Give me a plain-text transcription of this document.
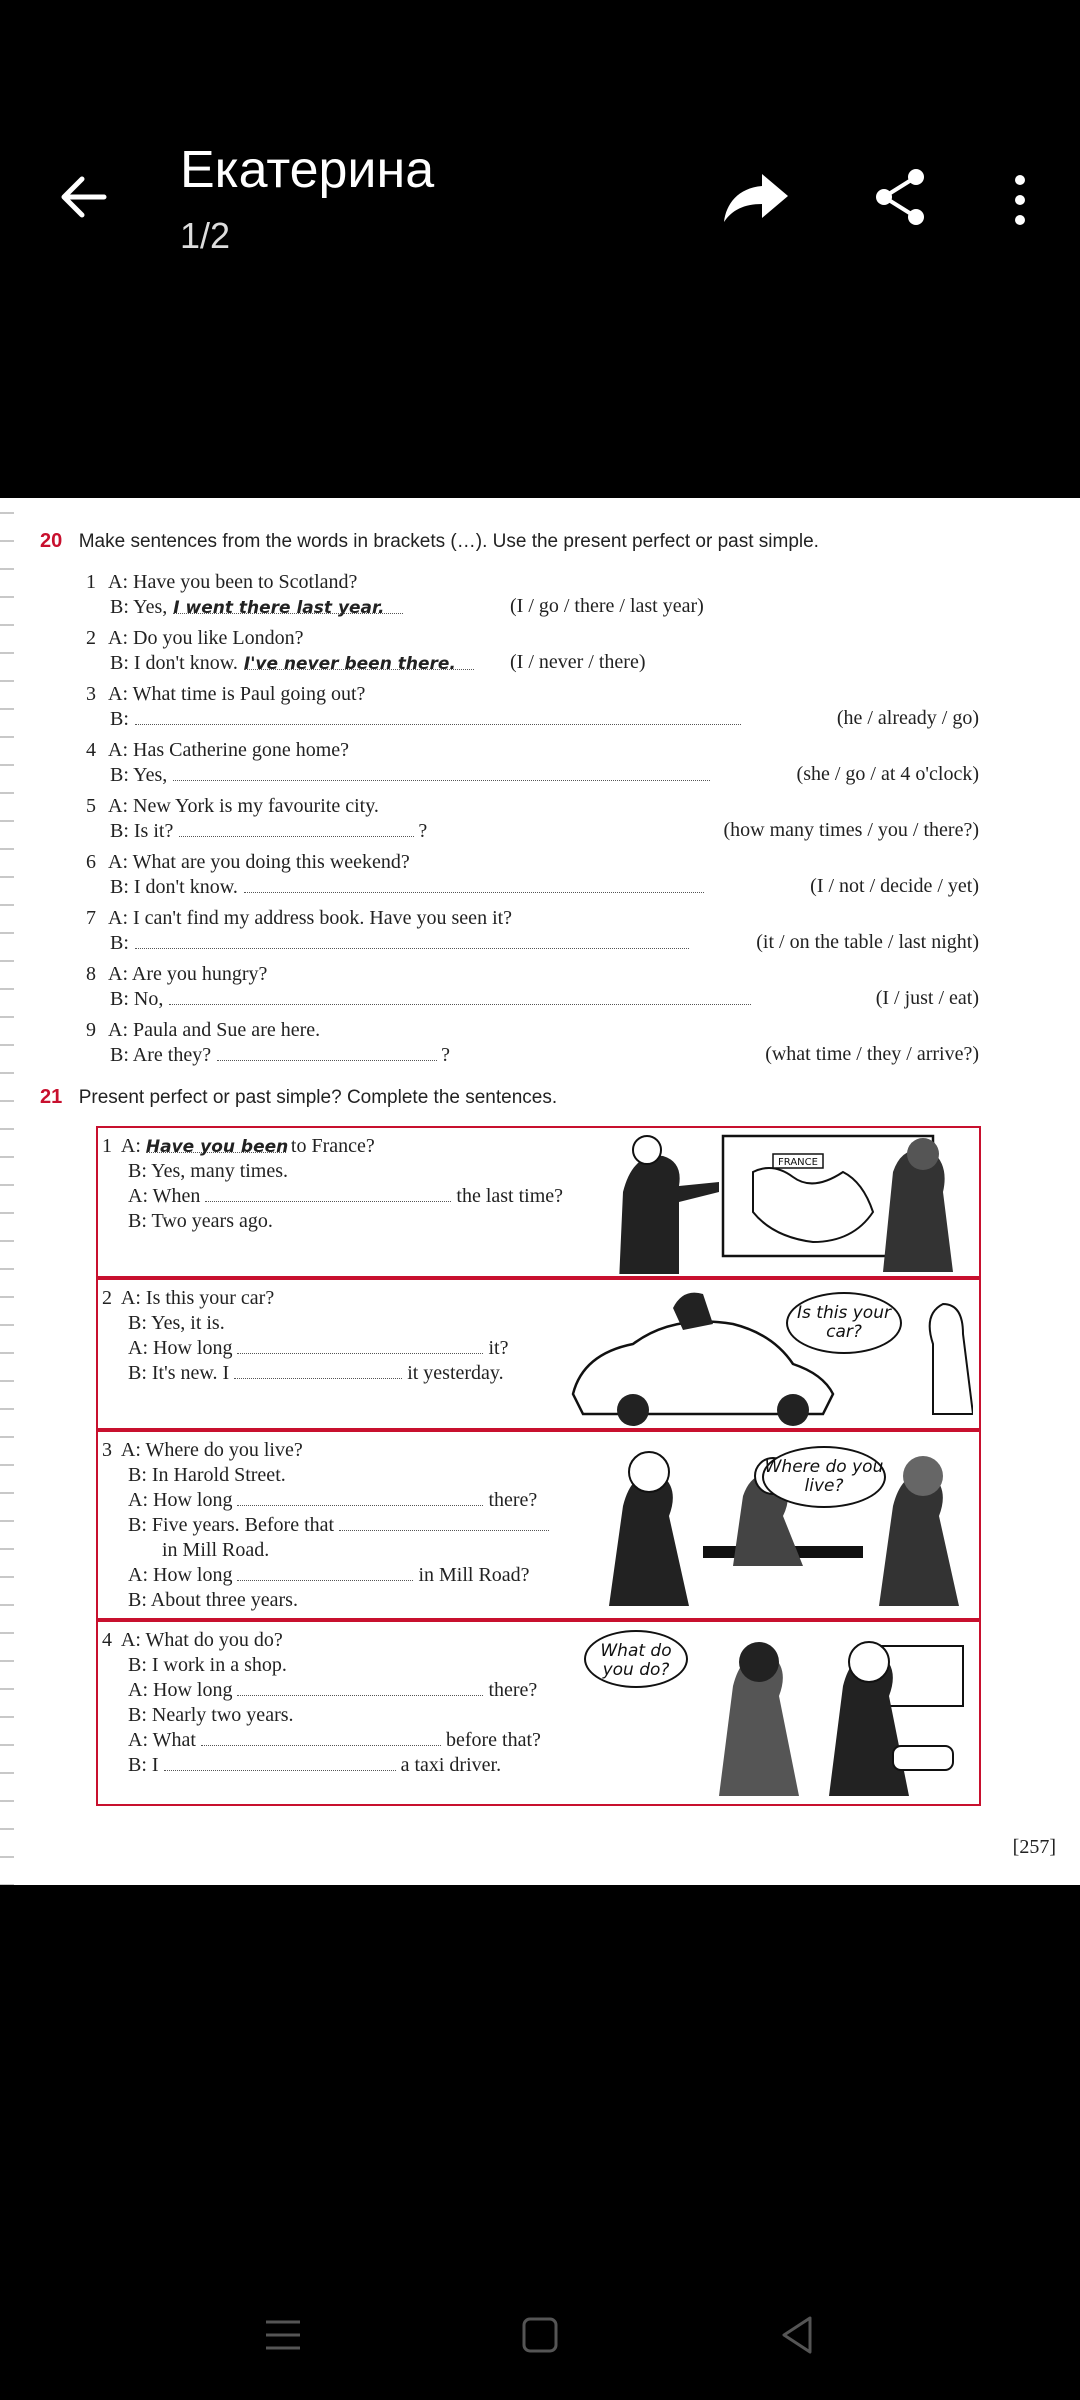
Екатерина
1/2
20 Make sentences from the words in brackets (…). Use the present perfect or past simple.
1 A: Have you been to Scotland?
B: Yes, I went there last year.	(I / go / there / last year)
2 A: Do you like London?
B: I don't know. I've never been there.	(I / never / there)
3 A: What time is Paul going out?
B:	(he / already / go)
4 A: Has Catherine gone home?
B: Yes,	(she / go / at 4 o'clock)
5 A: New York is my favourite city.
B: Is it?	?	(how many times / you / there?)
6 A: What are you doing this weekend?
B: I don't know.	(I / not / decide / yet)
7 A: I can't find my address book. Have you seen it?
B:	(it / on the table / last night)
8 A: Are you hungry?
B: No,	(I / just / eat)
9 A: Paula and Sue are here.
B: Are they?	?	(what time / they / arrive?)
21 Present perfect or past simple? Complete the sentences.
1 A: Have you been to France?
B: Yes, many times.
A: When	the last time?
B: Two years ago.
FRANCE
2 A: Is this your car?
B: Yes, it is.
A: How long	it?
B: It's new. I	it yesterday.
Is this your car?
3 A: Where do you live?
B: In Harold Street.
A: How long	there?
B: Five years. Before that
in Mill Road.
A: How long	in Mill Road?
B: About three years.
Where do you live?
4 A: What do you do?
B: I work in a shop.
A: How long	there?
B: Nearly two years.
A: What	before that?
B: I	a taxi driver.
What do you do?
[257]
